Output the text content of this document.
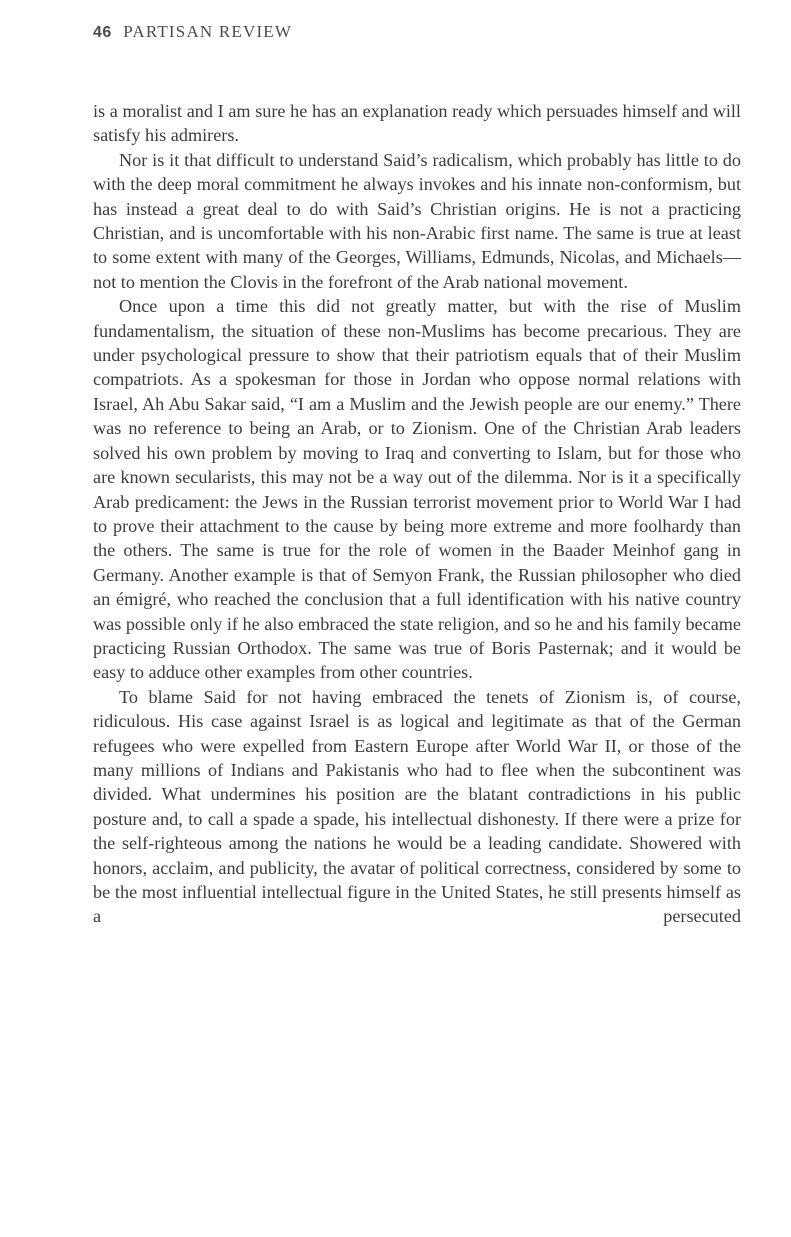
46 PARTISAN REVIEW

is a moralist and I am sure he has an explanation ready which persuades himself and will satisfy his admirers.

Nor is it that difficult to understand Said’s radicalism, which probably has little to do with the deep moral commitment he always invokes and his innate non-conformism, but has instead a great deal to do with Said’s Christian origins. He is not a practicing Christian, and is uncomfortable with his non-Arabic first name. The same is true at least to some extent with many of the Georges, Williams, Edmunds, Nicolas, and Michaels—not to mention the Clovis in the forefront of the Arab national movement.

Once upon a time this did not greatly matter, but with the rise of Muslim fundamentalism, the situation of these non-Muslims has become precarious. They are under psychological pressure to show that their patriotism equals that of their Muslim compatriots. As a spokesman for those in Jordan who oppose normal relations with Israel, Ah Abu Sakar said, “I am a Muslim and the Jewish people are our enemy.” There was no reference to being an Arab, or to Zionism. One of the Christian Arab leaders solved his own problem by moving to Iraq and converting to Islam, but for those who are known secularists, this may not be a way out of the dilemma. Nor is it a specifically Arab predicament: the Jews in the Russian terrorist movement prior to World War I had to prove their attachment to the cause by being more extreme and more foolhardy than the others. The same is true for the role of women in the Baader Meinhof gang in Germany. Another example is that of Semyon Frank, the Russian philosopher who died an émigré, who reached the conclusion that a full identification with his native country was possible only if he also embraced the state religion, and so he and his family became practicing Russian Orthodox. The same was true of Boris Pasternak; and it would be easy to adduce other examples from other countries.

To blame Said for not having embraced the tenets of Zionism is, of course, ridiculous. His case against Israel is as logical and legitimate as that of the German refugees who were expelled from Eastern Europe after World War II, or those of the many millions of Indians and Pakistanis who had to flee when the subcontinent was divided. What undermines his position are the blatant contradictions in his public posture and, to call a spade a spade, his intellectual dishonesty. If there were a prize for the self-righteous among the nations he would be a leading candidate. Showered with honors, acclaim, and publicity, the avatar of political correctness, considered by some to be the most influential intellectual figure in the United States, he still presents himself as a persecuted
